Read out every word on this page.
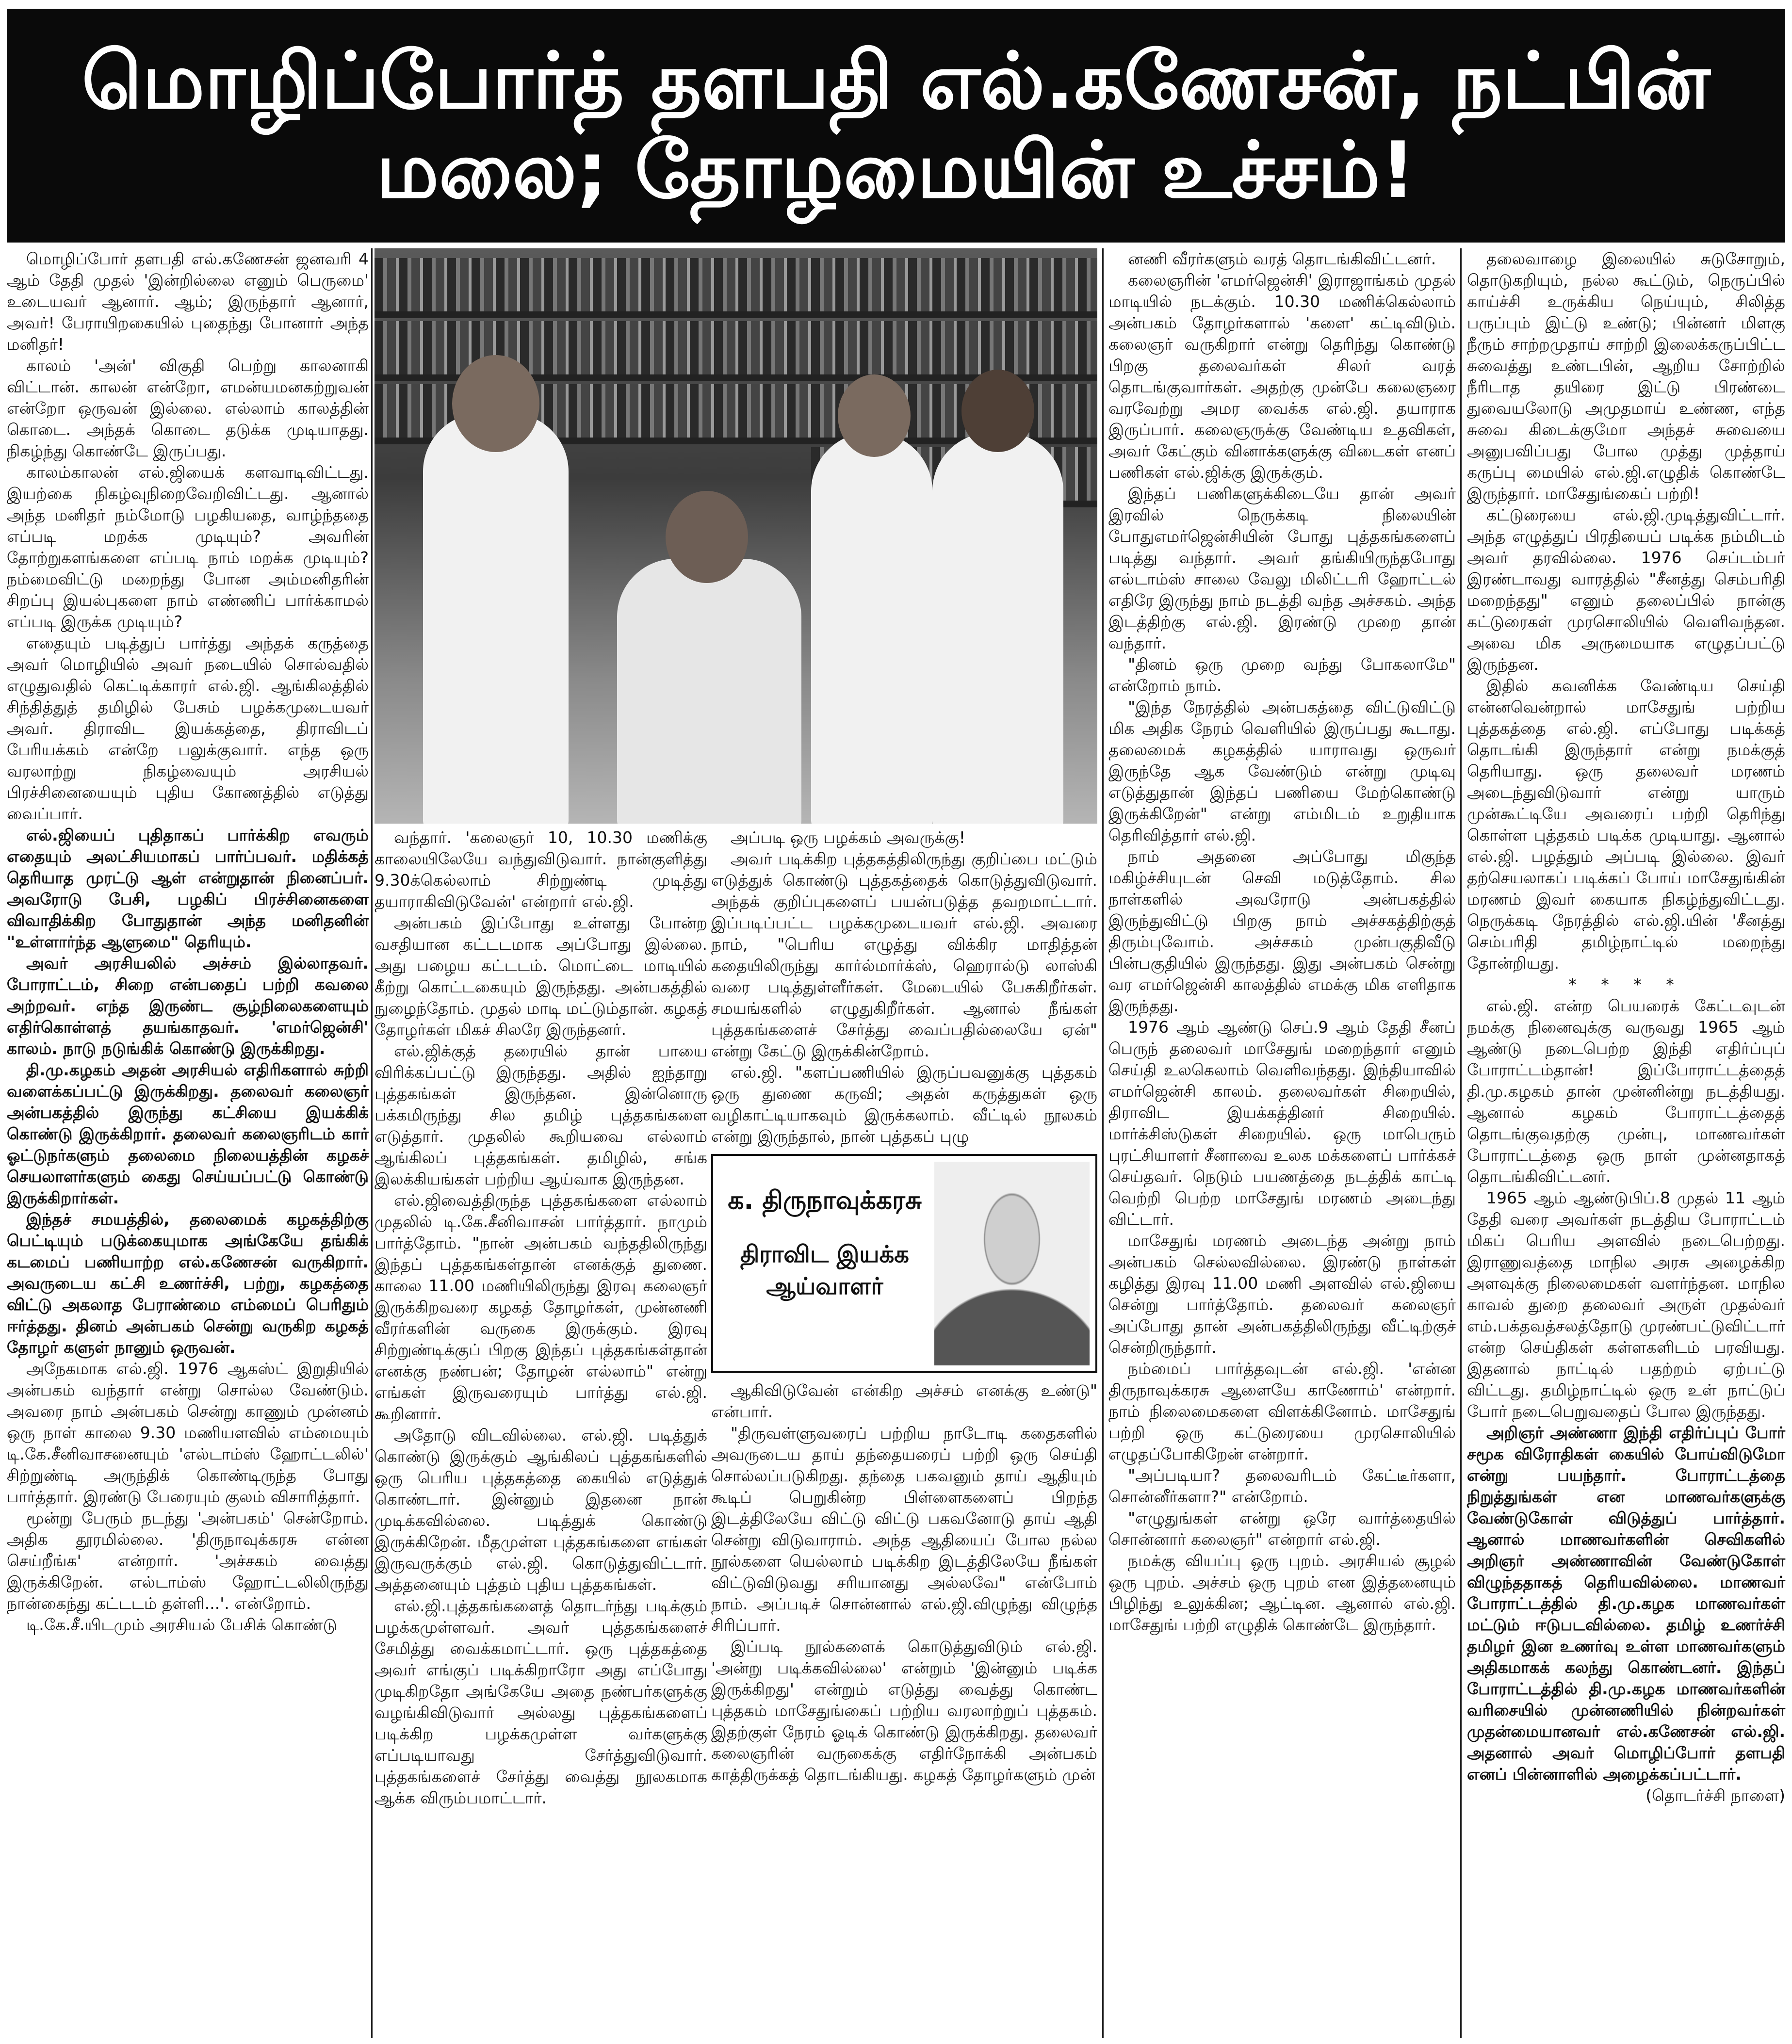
மொழிப்போர்த் தளபதி எல்.கணேசன், நட்பின் மலை; தோழமையின் உச்சம்!

மொழிப்போர் தளபதி எல்.கணேசன் ஜனவரி 4 ஆம் தேதி முதல் 'இன்றில்லை எனும் பெருமை' உடையவர் ஆனார். ஆம்; இருந்தார் ஆனார், அவர்! பேராயிறகையில் புதைந்து போனார் அந்த மனிதர்!

காலம் 'அன்' விகுதி பெற்று காலனாகி விட்டான். காலன் என்றோ, எமன்யமனகற்றுவன் என்றோ ஒருவன் இல்லை. எல்லாம் காலத்தின் கொடை. அந்தக் கொடை தடுக்க முடியாதது. நிகழ்ந்து கொண்டே இருப்பது.

காலம்காலன் எல்.ஜியைக் களவாடிவிட்டது. இயற்கை நிகழ்வுநிறைவேறிவிட்டது. ஆனால் அந்த மனிதர் நம்மோடு பழகியதை, வாழ்ந்ததை எப்படி மறக்க முடியும்? அவரின் தோற்றுகளங்களை எப்படி நாம் மறக்க முடியும்? நம்மைவிட்டு மறைந்து போன அம்மனிதரின் சிறப்பு இயல்புகளை நாம் எண்ணிப் பார்க்காமல் எப்படி இருக்க முடியும்?

எதையும் படித்துப் பார்த்து அந்தக் கருத்தை அவர் மொழியில் அவர் நடையில் சொல்வதில் எழுதுவதில் கெட்டிக்காரர் எல்.ஜி. ஆங்கிலத்தில் சிந்தித்துத் தமிழில் பேசும் பழக்கமுடையவர் அவர். திராவிட இயக்கத்தை, திராவிடப் பேரியக்கம் என்றே பலுக்குவார். எந்த ஒரு வரலாற்று நிகழ்வையும் அரசியல் பிரச்சினையையும் புதிய கோணத்தில் எடுத்து வைப்பார்.

எல்.ஜியைப் புதிதாகப் பார்க்கிற எவரும் எதையும் அலட்சியமாகப் பார்ப்பவர். மதிக்கத் தெரியாத முரட்டு ஆள் என்றுதான் நினைப்பர். அவரோடு பேசி, பழகிப் பிரச்சினைகளை விவாதிக்கிற போதுதான் அந்த மனிதனின் "உள்ளார்ந்த ஆளுமை" தெரியும்.

அவர் அரசியலில் அச்சம் இல்லாதவர். போராட்டம், சிறை என்பதைப் பற்றி கவலை அற்றவர். எந்த இருண்ட சூழ்நிலைகளையும் எதிர்கொள்ளத் தயங்காதவர். 'எமர்ஜென்சி' காலம். நாடு நடுங்கிக் கொண்டு இருக்கிறது.

தி.மு.கழகம் அதன் அரசியல் எதிரிகளால் சுற்றி வளைக்கப்பட்டு இருக்கிறது. தலைவர் கலைஞர் அன்பகத்தில் இருந்து கட்சியை இயக்கிக் கொண்டு இருக்கிறார். தலைவர் கலைஞரிடம் கார் ஓட்டுநர்களும் தலைமை நிலையத்தின் கழகச் செயலாளர்களும் கைது செய்யப்பட்டு கொண்டு இருக்கிறார்கள்.

இந்தச் சமயத்தில், தலைமைக் கழகத்திற்கு பெட்டியும் படுக்கையுமாக அங்கேயே தங்கிக் கடமைப் பணியாற்ற எல்.கணேசன் வருகிறார். அவருடைய கட்சி உணர்ச்சி, பற்று, கழகத்தை விட்டு அகலாத பேராண்மை எம்மைப் பெரிதும் ஈர்த்தது. தினம் அன்பகம் சென்று வருகிற கழகத் தோழர் களுள் நானும் ஒருவன்.

அநேகமாக எல்.ஜி. 1976 ஆகஸ்ட் இறுதியில் அன்பகம் வந்தார் என்று சொல்ல வேண்டும். அவரை நாம் அன்பகம் சென்று காணும் முன்னம் ஒரு நாள் காலை 9.30 மணியளவில் எம்மையும் டி.கே.சீனிவாசனையும் 'எல்டாம்ஸ் ஹோட்டலில்' சிற்றுண்டி அருந்திக் கொண்டிருந்த போது பார்த்தார். இரண்டு பேரையும் குலம் விசாரித்தார்.

மூன்று பேரும் நடந்து 'அன்பகம்' சென்றோம். அதிக தூரமில்லை. 'திருநாவுக்கரசு என்ன செய்றீங்க' என்றார். 'அச்சகம் வைத்து இருக்கிறேன். எல்டாம்ஸ் ஹோட்டலிலிருந்து நான்கைந்து கட்டடம் தள்ளி...'. என்றோம்.

டி.கே.சீ.யிடமும் அரசியல் பேசிக் கொண்டு

வந்தார். 'கலைஞர் 10, 10.30 மணிக்கு காலையிலேயே வந்துவிடுவார். நான்குளித்து 9.30க்கெல்லாம் சிற்றுண்டி முடித்து தயாராகிவிடுவேன்' என்றார் எல்.ஜி.

அன்பகம் இப்போது உள்ளது போன்ற வசதியான கட்டடமாக அப்போது இல்லை. அது பழைய கட்டடம். மொட்டை மாடியில் கீற்று கொட்டகையும் இருந்தது. அன்பகத்தில் நுழைந்தோம். முதல் மாடி மட்டும்தான். கழகத் தோழர்கள் மிகச் சிலரே இருந்தனர்.

எல்.ஜிக்குத் தரையில் தான் பாயை விரிக்கப்பட்டு இருந்தது. அதில் ஐந்தாறு புத்தகங்கள் இருந்தன. இன்னொரு பக்கமிருந்து சில தமிழ் புத்தகங்களை எடுத்தார். முதலில் கூறியவை எல்லாம் ஆங்கிலப் புத்தகங்கள். தமிழில், சங்க இலக்கியங்கள் பற்றிய ஆய்வாக இருந்தன.

எல்.ஜிவைத்திருந்த புத்தகங்களை எல்லாம் முதலில் டி.கே.சீனிவாசன் பார்த்தார். நாமும் பார்த்தோம். "நான் அன்பகம் வந்ததிலிருந்து இந்தப் புத்தகங்கள்தான் எனக்குத் துணை. காலை 11.00 மணியிலிருந்து இரவு கலைஞர் இருக்கிறவரை கழகத் தோழர்கள், முன்னணி வீரர்களின் வருகை இருக்கும். இரவு சிற்றுண்டிக்குப் பிறகு இந்தப் புத்தகங்கள்தான் எனக்கு நண்பன்; தோழன் எல்லாம்" என்று எங்கள் இருவரையும் பார்த்து எல்.ஜி. கூறினார்.

அதோடு விடவில்லை. எல்.ஜி. படித்துக் கொண்டு இருக்கும் ஆங்கிலப் புத்தகங்களில் ஒரு பெரிய புத்தகத்தை கையில் எடுத்துக் கொண்டார். இன்னும் இதனை நான் முடிக்கவில்லை. படித்துக் கொண்டு இருக்கிறேன். மீதமுள்ள புத்தகங்களை எங்கள் இருவருக்கும் எல்.ஜி. கொடுத்துவிட்டார். அத்தனையும் புத்தம் புதிய புத்தகங்கள்.

எல்.ஜி.புத்தகங்களைத் தொடர்ந்து படிக்கும் பழக்கமுள்ளவர். அவர் புத்தகங்களைச் சேமித்து வைக்கமாட்டார். ஒரு புத்தகத்தை அவர் எங்குப் படிக்கிறாரோ அது எப்போது முடிகிறதோ அங்கேயே அதை நண்பர்களுக்கு வழங்கிவிடுவார் அல்லது புத்தகங்களைப் படிக்கிற பழக்கமுள்ள வர்களுக்கு எப்படியாவது சேர்த்துவிடுவார். புத்தகங்களைச் சேர்த்து வைத்து நூலகமாக ஆக்க விரும்பமாட்டார்.

அப்படி ஒரு பழக்கம் அவருக்கு!

அவர் படிக்கிற புத்தகத்திலிருந்து குறிப்பை மட்டும் எடுத்துக் கொண்டு புத்தகத்தைக் கொடுத்துவிடுவார். அந்தக் குறிப்புகளைப் பயன்படுத்த தவறமாட்டார். இப்படிப்பட்ட பழக்கமுடையவர் எல்.ஜி. அவரை நாம், "பெரிய எழுத்து விக்கிர மாதித்தன் கதையிலிருந்து கார்ல்மார்க்ஸ், ஹெரால்டு லாஸ்கி வரை படித்துள்ளீர்கள். மேடையில் பேசுகிறீர்கள். சமயங்களில் எழுதுகிறீர்கள். ஆனால் நீங்கள் புத்தகங்களைச் சேர்த்து வைப்பதில்லையே ஏன்" என்று கேட்டு இருக்கின்றோம்.

எல்.ஜி. "களப்பணியில் இருப்பவனுக்கு புத்தகம் ஒரு துணை கருவி; அதன் கருத்துகள் ஒரு வழிகாட்டியாகவும் இருக்கலாம். வீட்டில் நூலகம் என்று இருந்தால், நான் புத்தகப் புழு

க. திருநாவுக்கரசு
திராவிட இயக்க ஆய்வாளர்

ஆகிவிடுவேன் என்கிற அச்சம் எனக்கு உண்டு" என்பார்.

"திருவள்ளுவரைப் பற்றிய நாடோடி கதைகளில் அவருடைய தாய் தந்தையரைப் பற்றி ஒரு செய்தி சொல்லப்படுகிறது. தந்தை பகவனும் தாய் ஆதியும் கூடிப் பெறுகின்ற பிள்ளைகளைப் பிறந்த இடத்திலேயே விட்டு விட்டு பகவனோடு தாய் ஆதி சென்று விடுவாராம். அந்த ஆதியைப் போல நல்ல நூல்களை யெல்லாம் படிக்கிற இடத்திலேயே நீங்கள் விட்டுவிடுவது சரியானது அல்லவே" என்போம் நாம். அப்படிச் சொன்னால் எல்.ஜி.விழுந்து விழுந்த சிரிப்பார்.

இப்படி நூல்களைக் கொடுத்துவிடும் எல்.ஜி. 'அன்று படிக்கவில்லை' என்றும் 'இன்னும் படிக்க இருக்கிறது' என்றும் எடுத்து வைத்து கொண்ட புத்தகம் மாசேதுங்கைப் பற்றிய வரலாற்றுப் புத்தகம். இதற்குள் நேரம் ஓடிக் கொண்டு இருக்கிறது. தலைவர் கலைஞரின் வருகைக்கு எதிர்நோக்கி அன்பகம் காத்திருக்கத் தொடங்கியது. கழகத் தோழர்களும் முன்

னணி வீரர்களும் வரத் தொடங்கிவிட்டனர்.

கலைஞரின் 'எமர்ஜென்சி' இராஜாங்கம் முதல் மாடியில் நடக்கும். 10.30 மணிக்கெல்லாம் அன்பகம் தோழர்களால் 'களை' கட்டிவிடும். கலைஞர் வருகிறார் என்று தெரிந்து கொண்டு பிறகு தலைவர்கள் சிலர் வரத் தொடங்குவார்கள். அதற்கு முன்பே கலைஞரை வரவேற்று அமர வைக்க எல்.ஜி. தயாராக இருப்பார். கலைஞருக்கு வேண்டிய உதவிகள், அவர் கேட்கும் வினாக்களுக்கு விடைகள் எனப் பணிகள் எல்.ஜிக்கு இருக்கும்.

இந்தப் பணிகளுக்கிடையே தான் அவர் இரவில் நெருக்கடி நிலையின் போதுஎமர்ஜென்சியின் போது புத்தகங்களைப் படித்து வந்தார். அவர் தங்கியிருந்தபோது எல்டாம்ஸ் சாலை வேலு மிலிட்டரி ஹோட்டல் எதிரே இருந்து நாம் நடத்தி வந்த அச்சகம். அந்த இடத்திற்கு எல்.ஜி. இரண்டு முறை தான் வந்தார்.

"தினம் ஒரு முறை வந்து போகலாமே" என்றோம் நாம்.

"இந்த நேரத்தில் அன்பகத்தை விட்டுவிட்டு மிக அதிக நேரம் வெளியில் இருப்பது கூடாது. தலைமைக் கழகத்தில் யாராவது ஒருவர் இருந்தே ஆக வேண்டும் என்று முடிவு எடுத்துதான் இந்தப் பணியை மேற்கொண்டு இருக்கிறேன்" என்று எம்மிடம் உறுதியாக தெரிவித்தார் எல்.ஜி.

நாம் அதனை அப்போது மிகுந்த மகிழ்ச்சியுடன் செவி மடுத்தோம். சில நாள்களில் அவரோடு அன்பகத்தில் இருந்துவிட்டு பிறகு நாம் அச்சகத்திற்குத் திரும்புவோம். அச்சகம் முன்பகுதிவீடு பின்பகுதியில் இருந்தது. இது அன்பகம் சென்று வர எமர்ஜென்சி காலத்தில் எமக்கு மிக எளிதாக இருந்தது.

1976 ஆம் ஆண்டு செப்.9 ஆம் தேதி சீனப் பெருந் தலைவர் மாசேதுங் மறைந்தார் எனும் செய்தி உலகெலாம் வெளிவந்தது. இந்தியாவில் எமர்ஜென்சி காலம். தலைவர்கள் சிறையில், திராவிட இயக்கத்தினர் சிறையில். மார்க்சிஸ்டுகள் சிறையில். ஒரு மாபெரும் புரட்சியாளர் சீனாவை உலக மக்களைப் பார்க்கச் செய்தவர். நெடும் பயணத்தை நடத்திக் காட்டி வெற்றி பெற்ற மாசேதுங் மரணம் அடைந்து விட்டார்.

மாசேதுங் மரணம் அடைந்த அன்று நாம் அன்பகம் செல்லவில்லை. இரண்டு நாள்கள் கழித்து இரவு 11.00 மணி அளவில் எல்.ஜியை சென்று பார்த்தோம். தலைவர் கலைஞர் அப்போது தான் அன்பகத்திலிருந்து வீட்டிற்குச் சென்றிருந்தார்.

நம்மைப் பார்த்தவுடன் எல்.ஜி. 'என்ன திருநாவுக்கரசு ஆளையே காணோம்' என்றார். நாம் நிலைமைகளை விளக்கினோம். மாசேதுங் பற்றி ஒரு கட்டுரையை முரசொலியில் எழுதப்போகிறேன் என்றார்.

"அப்படியா? தலைவரிடம் கேட்டீர்களா, சொன்னீர்களா?" என்றோம்.

"எழுதுங்கள் என்று ஒரே வார்த்தையில் சொன்னார் கலைஞர்" என்றார் எல்.ஜி.

நமக்கு வியப்பு ஒரு புறம். அரசியல் சூழல் ஒரு புறம். அச்சம் ஒரு புறம் என இத்தனையும் பிழிந்து உலுக்கின; ஆட்டின. ஆனால் எல்.ஜி. மாசேதுங் பற்றி எழுதிக் கொண்டே இருந்தார்.

தலைவாழை இலையில் சுடுசோறும், தொடுகறியும், நல்ல கூட்டும், நெருப்பில் காய்ச்சி உருக்கிய நெய்யும், சிலித்த பருப்பும் இட்டு உண்டு; பின்னர் மிளகு நீரும் சாற்றமுதாய் சாற்றி இலைக்கருப்பிட்ட சுவைத்து உண்டபின், ஆறிய சோற்றில் நீரிடாத தயிரை இட்டு பிரண்டை துவையலோடு அமுதமாய் உண்ண, எந்த சுவை கிடைக்குமோ அந்தச் சுவையை அனுபவிப்பது போல முத்து முத்தாய் கருப்பு மையில் எல்.ஜி.எழுதிக் கொண்டே இருந்தார். மாசேதுங்கைப் பற்றி!

கட்டுரையை எல்.ஜி.முடித்துவிட்டார். அந்த எழுத்துப் பிரதியைப் படிக்க நம்மிடம் அவர் தரவில்லை. 1976 செப்டம்பர் இரண்டாவது வாரத்தில் "சீனத்து செம்பரிதி மறைந்தது" எனும் தலைப்பில் நான்கு கட்டுரைகள் முரசொலியில் வெளிவந்தன. அவை மிக அருமையாக எழுதப்பட்டு இருந்தன.

இதில் கவனிக்க வேண்டிய செய்தி என்னவென்றால் மாசேதுங் பற்றிய புத்தகத்தை எல்.ஜி. எப்போது படிக்கத் தொடங்கி இருந்தார் என்று நமக்குத் தெரியாது. ஒரு தலைவர் மரணம் அடைந்துவிடுவார் என்று யாரும் முன்கூட்டியே அவரைப் பற்றி தெரிந்து கொள்ள புத்தகம் படிக்க முடியாது. ஆனால் எல்.ஜி. பழத்தும் அப்படி இல்லை. இவர் தற்செயலாகப் படிக்கப் போய் மாசேதுங்கின் மரணம் இவர் கையாக நிகழ்ந்துவிட்டது. நெருக்கடி நேரத்தில் எல்.ஜி.யின் 'சீனத்து செம்பரிதி தமிழ்நாட்டில் மறைந்து தோன்றியது.

* * * *

எல்.ஜி. என்ற பெயரைக் கேட்டவுடன் நமக்கு நினைவுக்கு வருவது 1965 ஆம் ஆண்டு நடைபெற்ற இந்தி எதிர்ப்புப் போராட்டம்தான்! இப்போராட்டத்தைத் தி.மு.கழகம் தான் முன்னின்று நடத்தியது. ஆனால் கழகம் போராட்டத்தைத் தொடங்குவதற்கு முன்பு, மாணவர்கள் போராட்டத்தை ஒரு நாள் முன்னதாகத் தொடங்கிவிட்டனர்.

1965 ஆம் ஆண்டுபிப்.8 முதல் 11 ஆம் தேதி வரை அவர்கள் நடத்திய போராட்டம் மிகப் பெரிய அளவில் நடைபெற்றது. இராணுவத்தை மாநில அரசு அழைக்கிற அளவுக்கு நிலைமைகள் வளர்ந்தன. மாநில காவல் துறை தலைவர் அருள் முதல்வர் எம்.பக்தவத்சலத்தோடு முரண்பட்டுவிட்டார் என்ற செய்திகள் கள்ளகளிடம் பரவியது. இதனால் நாட்டில் பதற்றம் ஏற்பட்டு விட்டது. தமிழ்நாட்டில் ஒரு உள் நாட்டுப் போர் நடைபெறுவதைப் போல இருந்தது.

அறிஞர் அண்ணா இந்தி எதிர்ப்புப் போர் சமூக விரோதிகள் கையில் போய்விடுமோ என்று பயந்தார். போராட்டத்தை நிறுத்துங்கள் என மாணவர்களுக்கு வேண்டுகோள் விடுத்துப் பார்த்தார். ஆனால் மாணவர்களின் செவிகளில் அறிஞர் அண்ணாவின் வேண்டுகோள் விழுந்ததாகத் தெரியவில்லை. மாணவர் போராட்டத்தில் தி.மு.கழக மாணவர்கள் மட்டும் ஈடுபடவில்லை. தமிழ் உணர்ச்சி தமிழர் இன உணர்வு உள்ள மாணவர்களும் அதிகமாகக் கலந்து கொண்டனர். இந்தப் போராட்டத்தில் தி.மு.கழக மாணவர்களின் வரிசையில் முன்னணியில் நின்றவர்கள் முதன்மையானவர் எல்.கணேசன் எல்.ஜி. அதனால் அவர் மொழிப்போர் தளபதி எனப் பின்னாளில் அழைக்கப்பட்டார்.

(தொடர்ச்சி நாளை)
